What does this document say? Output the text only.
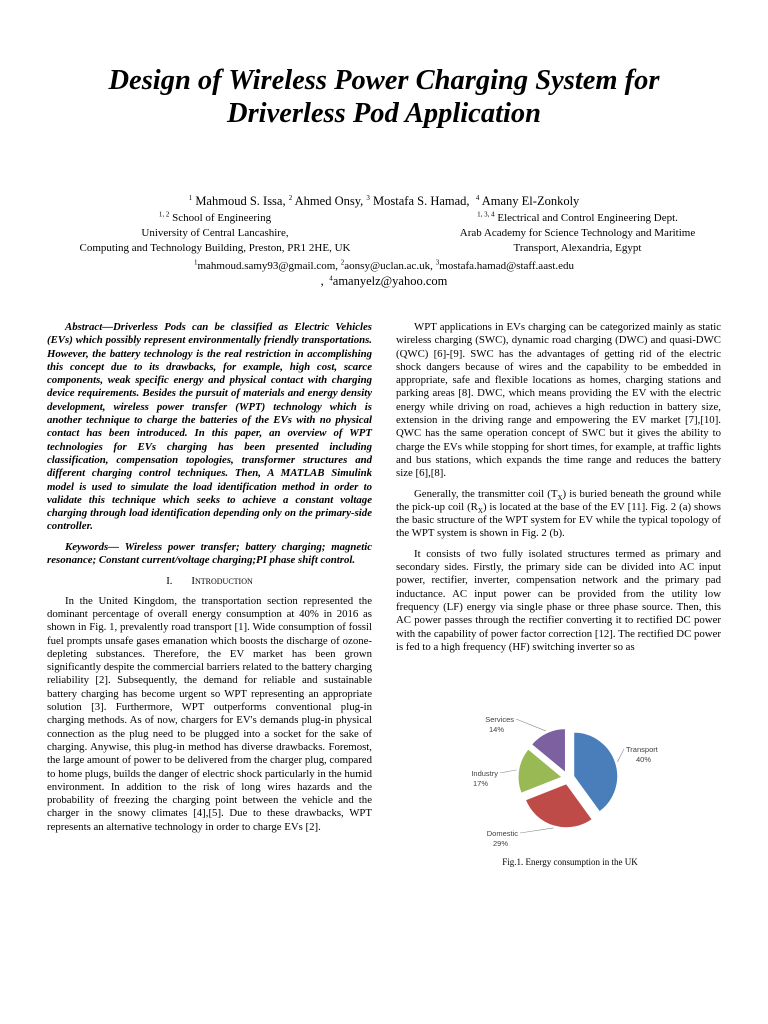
Design of Wireless Power Charging System for
Driverless Pod Application
$^1$ Mahmoud S. Issa, $^2$ Ahmed Onsy, $^3$ Mostafa S. Hamad, $^4$ Amany El-Zonkoly
$^{1, 2}$ School of Engineering
University of Central Lancashire,
Computing and Technology Building, Preston, PR1 2HE, UK
$^{1, 3, 4}$ Electrical and Control Engineering Dept.
Arab Academy for Science Technology and Maritime
Transport, Alexandria, Egypt
$^1$mahmoud.samy93@gmail.com, $^2$aonsy@uclan.ac.uk, $^3$mostafa.hamad@staff.aast.edu
, $^4$amanyelz@yahoo.com

Abstract—Driverless Pods can be classified as Electric Vehicles (EVs) which possibly represent environmentally friendly transportations. However, the battery technology is the real restriction in accomplishing this concept due to its drawbacks, for example, high cost, scarce components, weak specific energy and physical contact with charging device requirements. Besides the pursuit of materials and energy density development, wireless power transfer (WPT) technology which is another technique to charge the batteries of the EVs with no physical contact has been introduced. In this paper, an overview of WPT technologies for EVs charging has been presented including classification, compensation topologies, transformer structures and different charging control techniques. Then, A MATLAB Simulink model is used to simulate the load identification method in order to validate this technique which seeks to achieve a constant voltage charging through load identification depending only on the primary-side controller.

Keywords— Wireless power transfer; battery charging; magnetic resonance; Constant current/voltage charging;PI phase shift control.

I. Introduction

In the United Kingdom, the transportation section represented the dominant percentage of overall energy consumption at 40% in 2016 as shown in Fig. 1, prevalently road transport [1]. Wide consumption of fossil fuel prompts unsafe gases emanation which boosts the discharge of ozone-depleting substances. Therefore, the EV market has been grown significantly despite the commercial barriers related to the battery charging reliability [2]. Subsequently, the demand for reliable and sustainable battery charging has become urgent so WPT representing an appropriate solution [3]. Furthermore, WPT outperforms conventional plug-in charging methods. As of now, chargers for EV's demands plug-in physical connection as the plug need to be plugged into a socket for the sake of charging. Anywise, this plug-in method has diverse drawbacks. Foremost, the large amount of power to be delivered from the charger plug, compared to home plugs, builds the danger of electric shock particularly in the humid environment. In addition to the risk of long wires hazards and the probability of freezing the charging point between the vehicle and the charger in the snowy climates [4],[5]. Due to these drawbacks, WPT represents an alternative technology in order to charge EVs [2].

WPT applications in EVs charging can be categorized mainly as static wireless charging (SWC), dynamic road charging (DWC) and quasi-DWC (QWC) [6]-[9]. SWC has the advantages of getting rid of the electric shock dangers because of wires and the capability to be embedded in appropriate, safe and flexible locations as homes, charging stations and parking areas [8]. DWC, which means providing the EV with the electric energy while driving on road, achieves a high reduction in battery size, extension in the driving range and empowering the EV market [7],[10]. QWC has the same operation concept of SWC but it gives the ability to charge the EVs while stopping for short times, for example, at traffic lights and bus stations, which expands the time range and reduces the battery size [6],[8].

Generally, the transmitter coil $(T_X)$ is buried beneath the ground while the pick-up coil $(R_X)$ is located at the base of the EV [11]. Fig. 2 (a) shows the basic structure of the WPT system for EV while the typical topology of the WPT system is shown in Fig. 2 (b).

It consists of two fully isolated structures termed as primary and secondary sides. Firstly, the primary side can be divided into AC input power, rectifier, inverter, compensation network and the primary pad inductance. AC input power can be provided from the utility low frequency (LF) energy via single phase or three phase source. Then, this AC power passes through the rectifier converting it to rectified DC power with the capability of power factor correction [12]. The rectified DC power is fed to a high frequency (HF) switching inverter so as

Transport
40%
Domestic
29%
Industry
17%
Services
14%
Fig.1. Energy consumption in the UK
